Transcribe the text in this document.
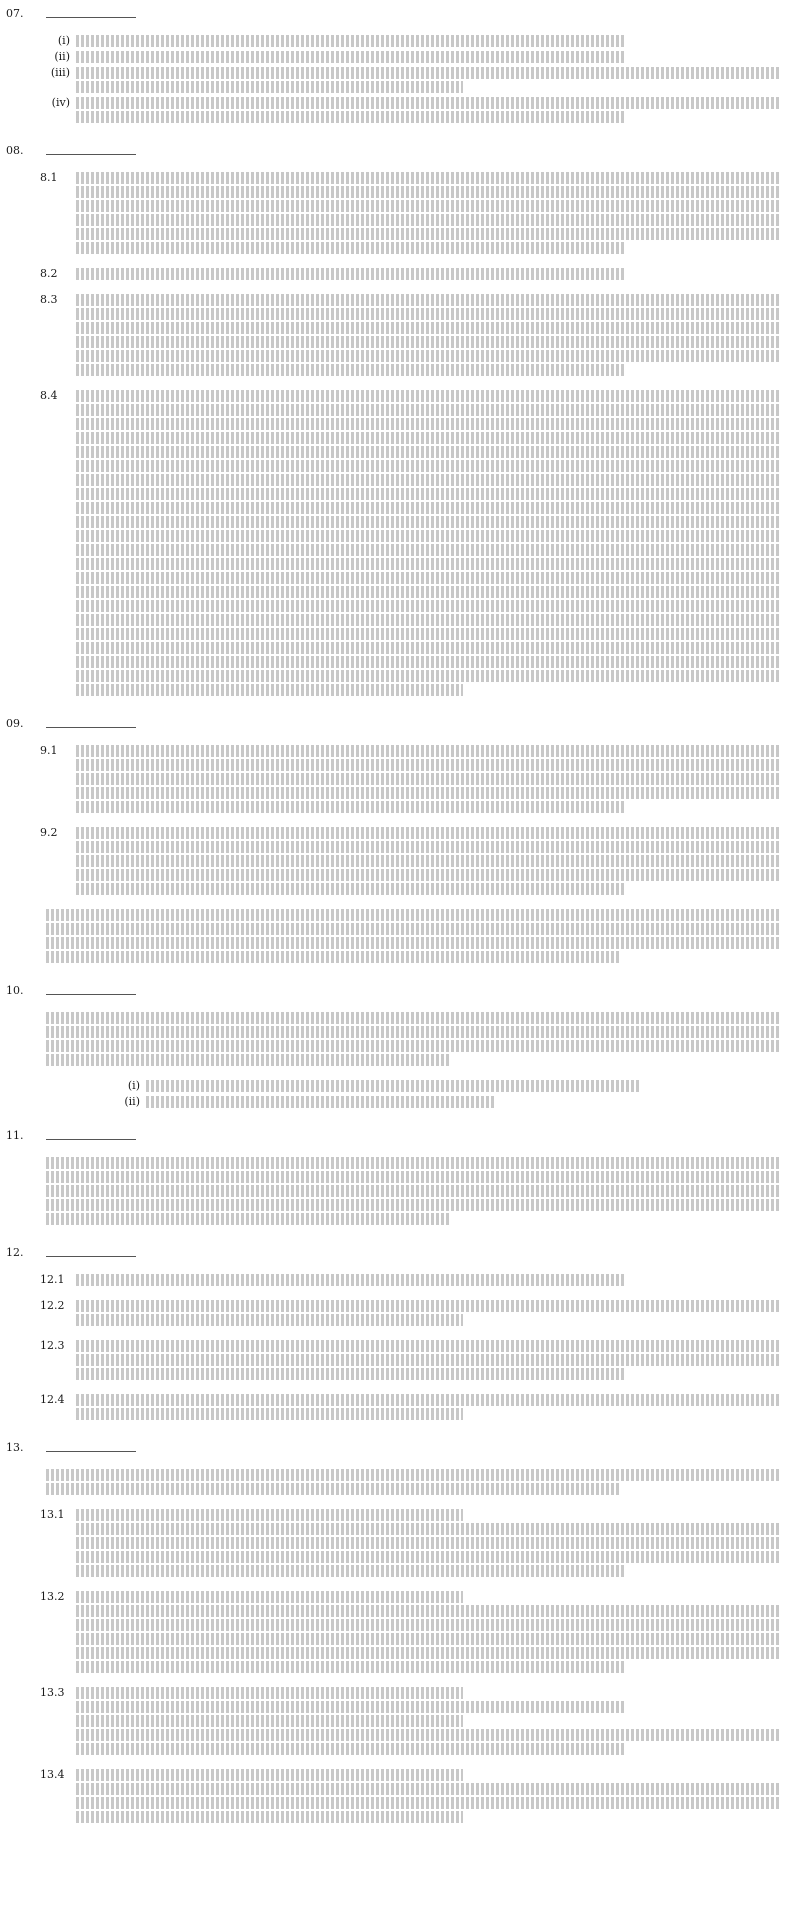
07.
(i)
(ii)
(iii)
(iv)
08.
8.1
8.2
8.3
8.4
09.
9.1
9.2
10.
(i)
(ii)
11.
12.
12.1
12.2
12.3
12.4
13.
13.1
13.2
13.3
13.4
